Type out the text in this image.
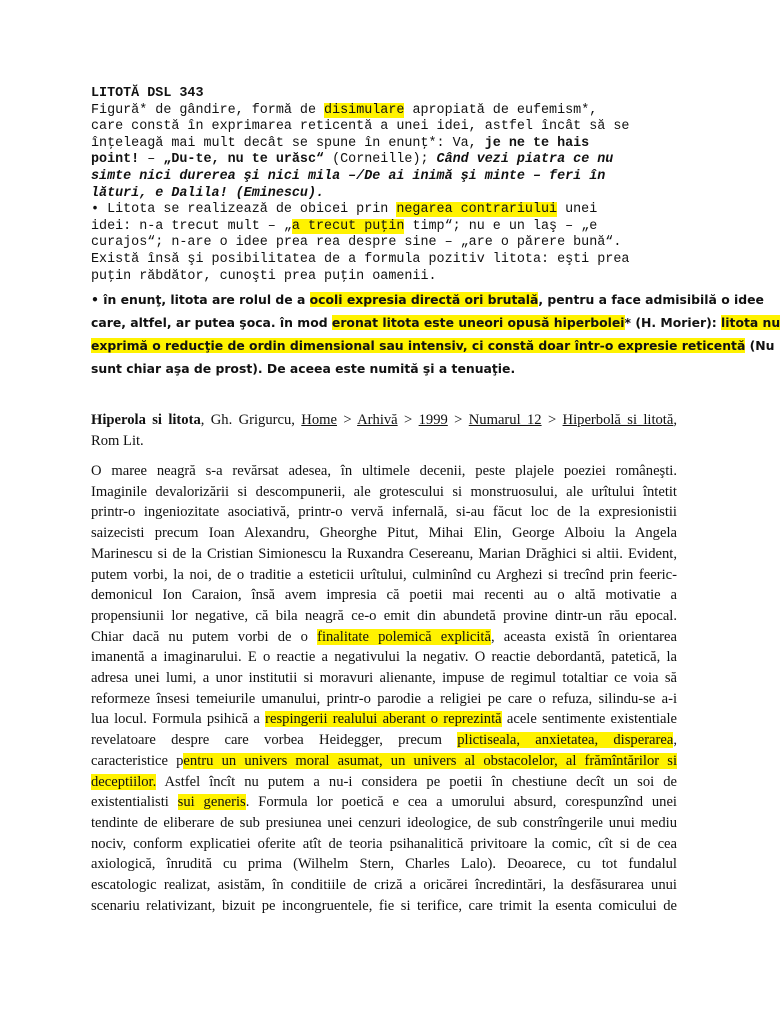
LITOTĂ DSL 343
Figură* de gândire, formă de disimulare apropiată de eufemism*,
care constă în exprimarea reticentă a unei idei, astfel încât să se
înţeleagă mai mult decât se spune în enunţ*: Va, je ne te hais
point! – „Du-te, nu te urăsc“ (Corneille); Când vezi piatra ce nu
simte nici durerea şi nici mila –/De ai inimă şi minte – feri în
lături, e Dalila! (Eminescu).
• Litota se realizează de obicei prin negarea contrariului unei
idei: n-a trecut mult – „a trecut puţin timp“; nu e un laş – „e
curajos“; n-are o idee prea rea despre sine – „are o părere bună“.
Există însă şi posibilitatea de a formula pozitiv litota: eşti prea
puţin răbdător, cunoşti prea puţin oamenii.
• în enunţ, litota are rolul de a ocoli expresia directă ori brutală, pentru a face admisibilă o idee
care, altfel, ar putea şoca. în mod eronat litota este uneori opusă hiperbolei* (H. Morier): litota nu
exprimă o reducţie de ordin dimensional sau intensiv, ci constă doar într-o expresie reticentă (Nu
sunt chiar aşa de prost). De aceea este numită şi a tenuaţie.
Hiperola si litota, Gh. Grigurcu, Home > Arhivă > 1999 > Numarul 12 > Hiperbolă si litotă,
Rom Lit.
O maree neagră s-a revărsat adesea, în ultimele decenii, peste plajele poeziei româneşti.
Imaginile devalorizării si descompunerii, ale grotescului si monstruosului, ale urîtului întetit
printr-o ingeniozitate asociativă, printr-o vervă infernală, si-au făcut loc de la expresionistii
saizecisti precum Ioan Alexandru, Gheorghe Pitut, Mihai Elin, George Alboiu la Angela
Marinescu si de la Cristian Simionescu la Ruxandra Cesereanu, Marian Drăghici si altii. Evident,
putem vorbi, la noi, de o traditie a esteticii urîtului, culminînd cu Arghezi si trecînd prin feeric-
demonicul Ion Caraion, însă avem impresia că poetii mai recenti au o altă motivatie a
propensiunii lor negative, că bila neagră ce-o emit din abundetă provine dintr-un rău epocal.
Chiar dacă nu putem vorbi de o finalitate polemică explicită, aceasta există în orientarea
imanentă a imaginarului. E o reactie a negativului la negativ. O reactie debordantă, patetică, la
adresa unei lumi, a unor institutii si moravuri alienante, impuse de regimul totaltiar ce voia să
reformeze însesi temeiurile umanului, printr-o parodie a religiei pe care o refuza, silindu-se a-i
lua locul. Formula psihică a respingerii realului aberant o reprezintă acele sentimente existentiale
revelatoare despre care vorbea Heidegger, precum plictiseala, anxietatea, disperarea,
caracteristice pentru un univers moral asumat, un univers al obstacolelor, al frămîntărilor si
deceptiilor. Astfel încît nu putem a nu-i considera pe poetii în chestiune decît un soi de
existentialisti sui generis. Formula lor poetică e cea a umorului absurd, corespunzînd unei
tendinte de eliberare de sub presiunea unei cenzuri ideologice, de sub constrîngerile unui mediu
nociv, conform explicatiei oferite atît de teoria psihanalitică privitoare la comic, cît si de cea
axiologică, înrudită cu prima (Wilhelm Stern, Charles Lalo). Deoarece, cu tot fundalul
escatologic realizat, asistăm, în conditiile de criză a oricărei încredintări, la desfăsurarea unui
scenariu relativizant, bizuit pe incongruentele, fie si terifice, care trimit la esenta comicului de
